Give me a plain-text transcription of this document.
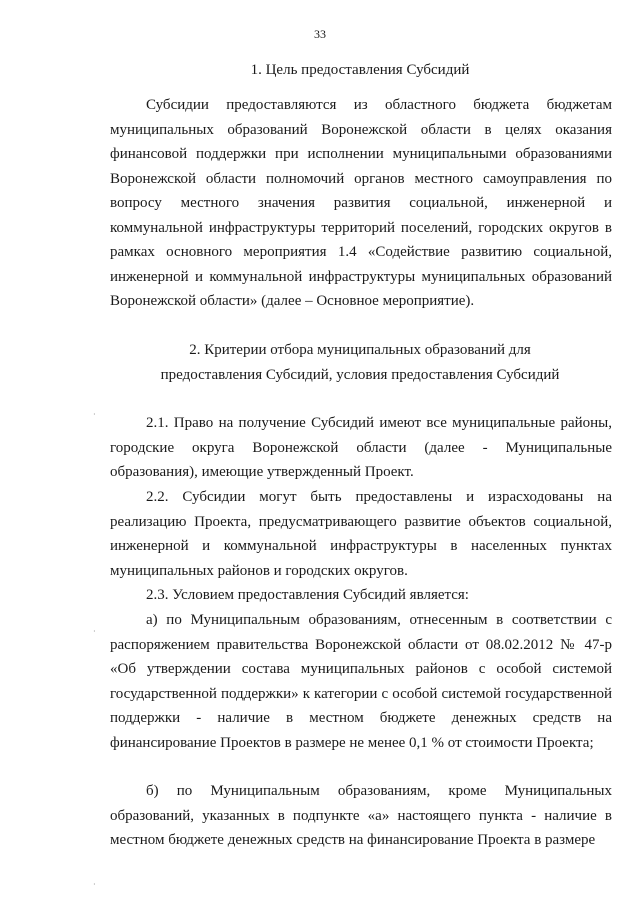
33
1. Цель предоставления Субсидий
Субсидии предоставляются из областного бюджета бюджетам муниципальных образований Воронежской области в целях оказания финансовой поддержки при исполнении муниципальными образованиями Воронежской области полномочий органов местного самоуправления по вопросу местного значения развития социальной, инженерной и коммунальной инфраструктуры территорий поселений, городских округов в рамках основного мероприятия 1.4 «Содействие развитию социальной, инженерной и коммунальной инфраструктуры муниципальных образований Воронежской области» (далее – Основное мероприятие).
2. Критерии отбора муниципальных образований для
предоставления Субсидий, условия предоставления Субсидий
2.1. Право на получение Субсидий имеют все муниципальные районы, городские округа Воронежской области (далее - Муниципальные образования), имеющие утвержденный Проект.
2.2. Субсидии могут быть предоставлены и израсходованы на реализацию Проекта, предусматривающего развитие объектов социальной, инженерной и коммунальной инфраструктуры в населенных пунктах муниципальных районов и городских округов.
2.3. Условием предоставления Субсидий является:
а) по Муниципальным образованиям, отнесенным в соответствии с распоряжением правительства Воронежской области от 08.02.2012 № 47-р «Об утверждении состава муниципальных районов с особой системой государственной поддержки» к категории с особой системой государственной поддержки - наличие в местном бюджете денежных средств на финансирование Проектов в размере не менее 0,1 % от стоимости Проекта;
б) по Муниципальным образованиям, кроме Муниципальных образований, указанных в подпункте «а» настоящего пункта - наличие в местном бюджете денежных средств на финансирование Проекта в размере
·
·
·
